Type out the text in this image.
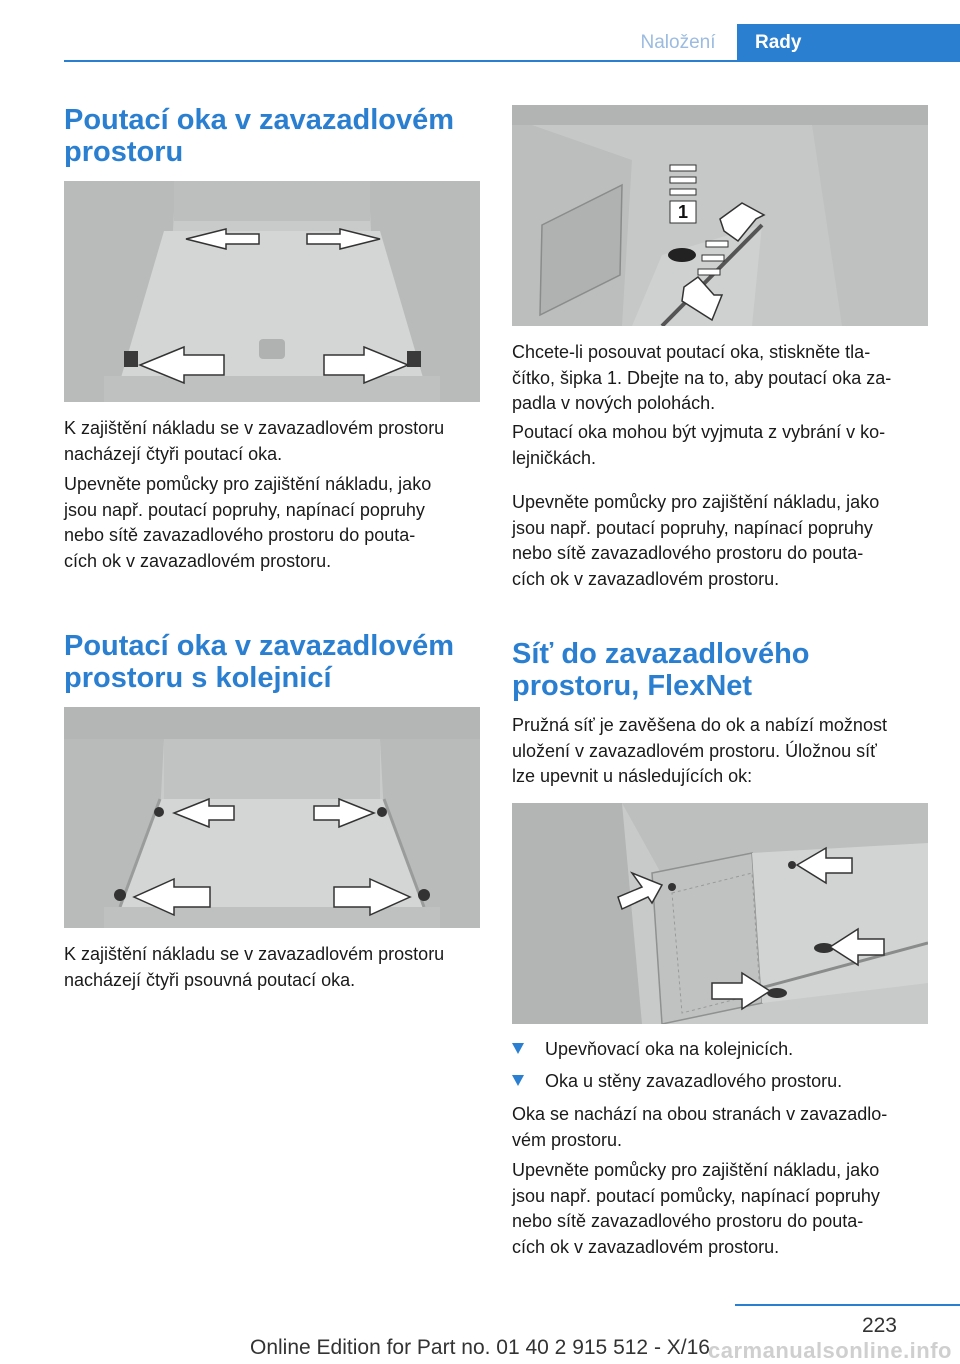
Naložení	Rady
Poutací oka v zavazadlovém
prostoru

K zajištění nákladu se v zavazadlovém prostoru
nacházejí čtyři poutací oka.

Upevněte pomůcky pro zajištění nákladu, jako
jsou např. poutací popruhy, napínací popruhy
nebo sítě zavazadlového prostoru do pouta‐
cích ok v zavazadlovém prostoru.

Poutací oka v zavazadlovém
prostoru s kolejnicí

K zajištění nákladu se v zavazadlovém prostoru
nacházejí čtyři psouvná poutací oka.

1

Chcete-li posouvat poutací oka, stiskněte tla‐
čítko, šipka 1. Dbejte na to, aby poutací oka za‐
padla v nových polohách.

Poutací oka mohou být vyjmuta z vybrání v ko‐
lejničkách.

Upevněte pomůcky pro zajištění nákladu, jako
jsou např. poutací popruhy, napínací popruhy
nebo sítě zavazadlového prostoru do pouta‐
cích ok v zavazadlovém prostoru.

Síť do zavazadlového
prostoru, FlexNet

Pružná síť je zavěšena do ok a nabízí možnost
uložení v zavazadlovém prostoru. Úložnou síť
lze upevnit u následujících ok:

Upevňovací oka na kolejnicích.
Oka u stěny zavazadlového prostoru.

Oka se nachází na obou stranách v zavazadlo‐
vém prostoru.

Upevněte pomůcky pro zajištění nákladu, jako
jsou např. poutací pomůcky, napínací popruhy
nebo sítě zavazadlového prostoru do pouta‐
cích ok v zavazadlovém prostoru.

223
Online Edition for Part no. 01 40 2 915 512 - X/16
carmanualsonline.info
